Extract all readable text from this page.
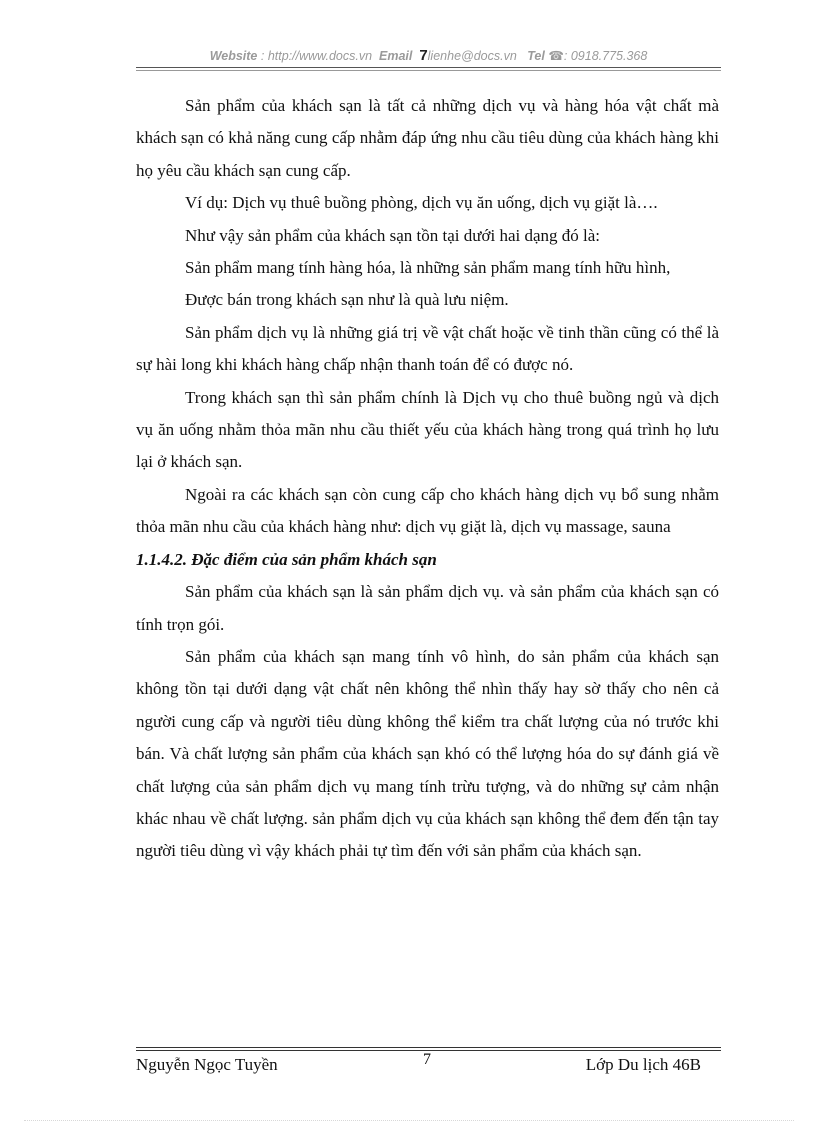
Website : http://www.docs.vn Email 7lienhe@docs.vn Tel ☎: 0918.775.368

Sản phẩm của khách sạn là tất cả những dịch vụ và hàng hóa vật chất mà khách sạn có khả năng cung cấp nhằm đáp ứng nhu cầu tiêu dùng của khách hàng khi họ yêu cầu khách sạn cung cấp.

Ví dụ: Dịch vụ thuê buồng phòng, dịch vụ ăn uống, dịch vụ giặt là….

Như vậy sản phẩm của khách sạn tồn tại dưới hai dạng đó là:

Sản phẩm mang tính hàng hóa, là những sản phẩm mang tính hữu hình,

Được bán trong khách sạn như là quà lưu niệm.

Sản phẩm dịch vụ là những giá trị về vật chất hoặc về tinh thần cũng có thể là sự hài long khi khách hàng chấp nhận thanh toán để có được nó.

Trong khách sạn thì sản phẩm chính là Dịch vụ cho thuê buồng ngủ và dịch vụ ăn uống nhằm thỏa mãn nhu cầu thiết yếu của khách hàng trong quá trình họ lưu lại ở khách sạn.

Ngoài ra các khách sạn còn cung cấp cho khách hàng dịch vụ bổ sung nhằm thỏa mãn nhu cầu của khách hàng như: dịch vụ giặt là, dịch vụ massage, sauna

1.1.4.2. Đặc điểm của sản phẩm khách sạn

Sản phẩm của khách sạn là sản phẩm dịch vụ. và sản phẩm của khách sạn có tính trọn gói.

Sản phẩm của khách sạn mang tính vô hình, do sản phẩm của khách sạn không tồn tại dưới dạng vật chất nên không thể nhìn thấy hay sờ thấy cho nên cả người cung cấp và người tiêu dùng không thể kiểm tra chất lượng của nó trước khi bán. Và chất lượng sản phẩm của khách sạn khó có thể lượng hóa do sự đánh giá về chất lượng của sản phẩm dịch vụ mang tính trừu tượng, và do những sự cảm nhận khác nhau về chất lượng. sản phẩm dịch vụ của khách sạn không thể đem đến tận tay người tiêu dùng vì vậy khách phải tự tìm đến với sản phẩm của khách sạn.

Nguyễn Ngọc Tuyền	7	Lớp Du lịch 46B
